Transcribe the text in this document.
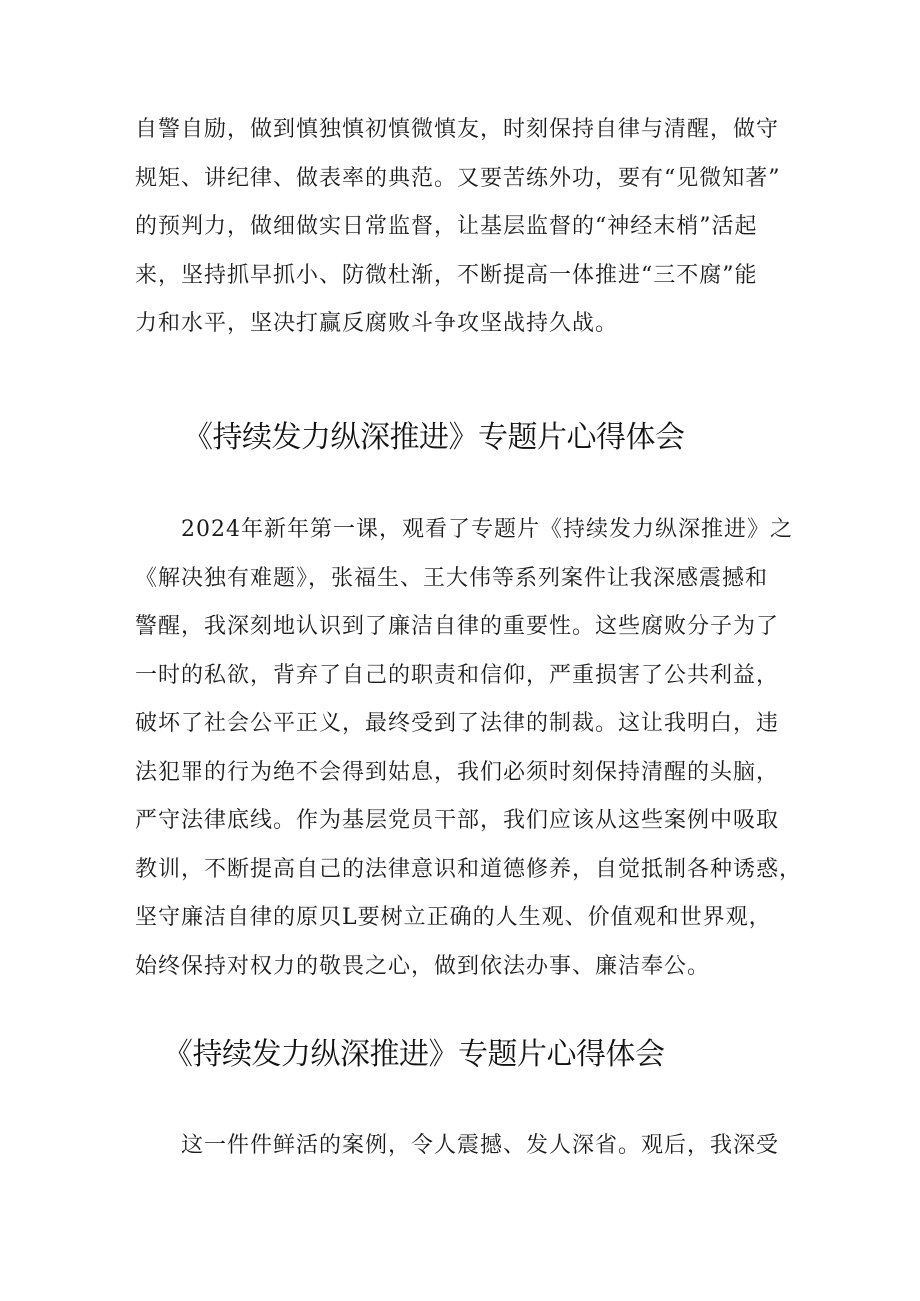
自警自励，做到慎独慎初慎微慎友，时刻保持自律与清醒，做守
规矩、讲纪律、做表率的典范。又要苦练外功，要有“见微知著”
的预判力，做细做实日常监督，让基层监督的“神经末梢”活起
来，坚持抓早抓小、防微杜渐，不断提高一体推进“三不腐”能
力和水平，坚决打赢反腐败斗争攻坚战持久战。

《持续发力纵深推进》专题片心得体会

　　2024年新年第一课，观看了专题片《持续发力纵深推进》之
《解决独有难题》，张福生、王大伟等系列案件让我深感震撼和
警醒，我深刻地认识到了廉洁自律的重要性。这些腐败分子为了
一时的私欲，背弃了自己的职责和信仰，严重损害了公共利益，
破坏了社会公平正义，最终受到了法律的制裁。这让我明白，违
法犯罪的行为绝不会得到姑息，我们必须时刻保持清醒的头脑，
严守法律底线。作为基层党员干部，我们应该从这些案例中吸取
教训，不断提高自己的法律意识和道德修养，自觉抵制各种诱惑，
坚守廉洁自律的原贝L要树立正确的人生观、价值观和世界观，
始终保持对权力的敬畏之心，做到依法办事、廉洁奉公。

《持续发力纵深推进》专题片心得体会

　　这一件件鲜活的案例，令人震撼、发人深省。观后，我深受
